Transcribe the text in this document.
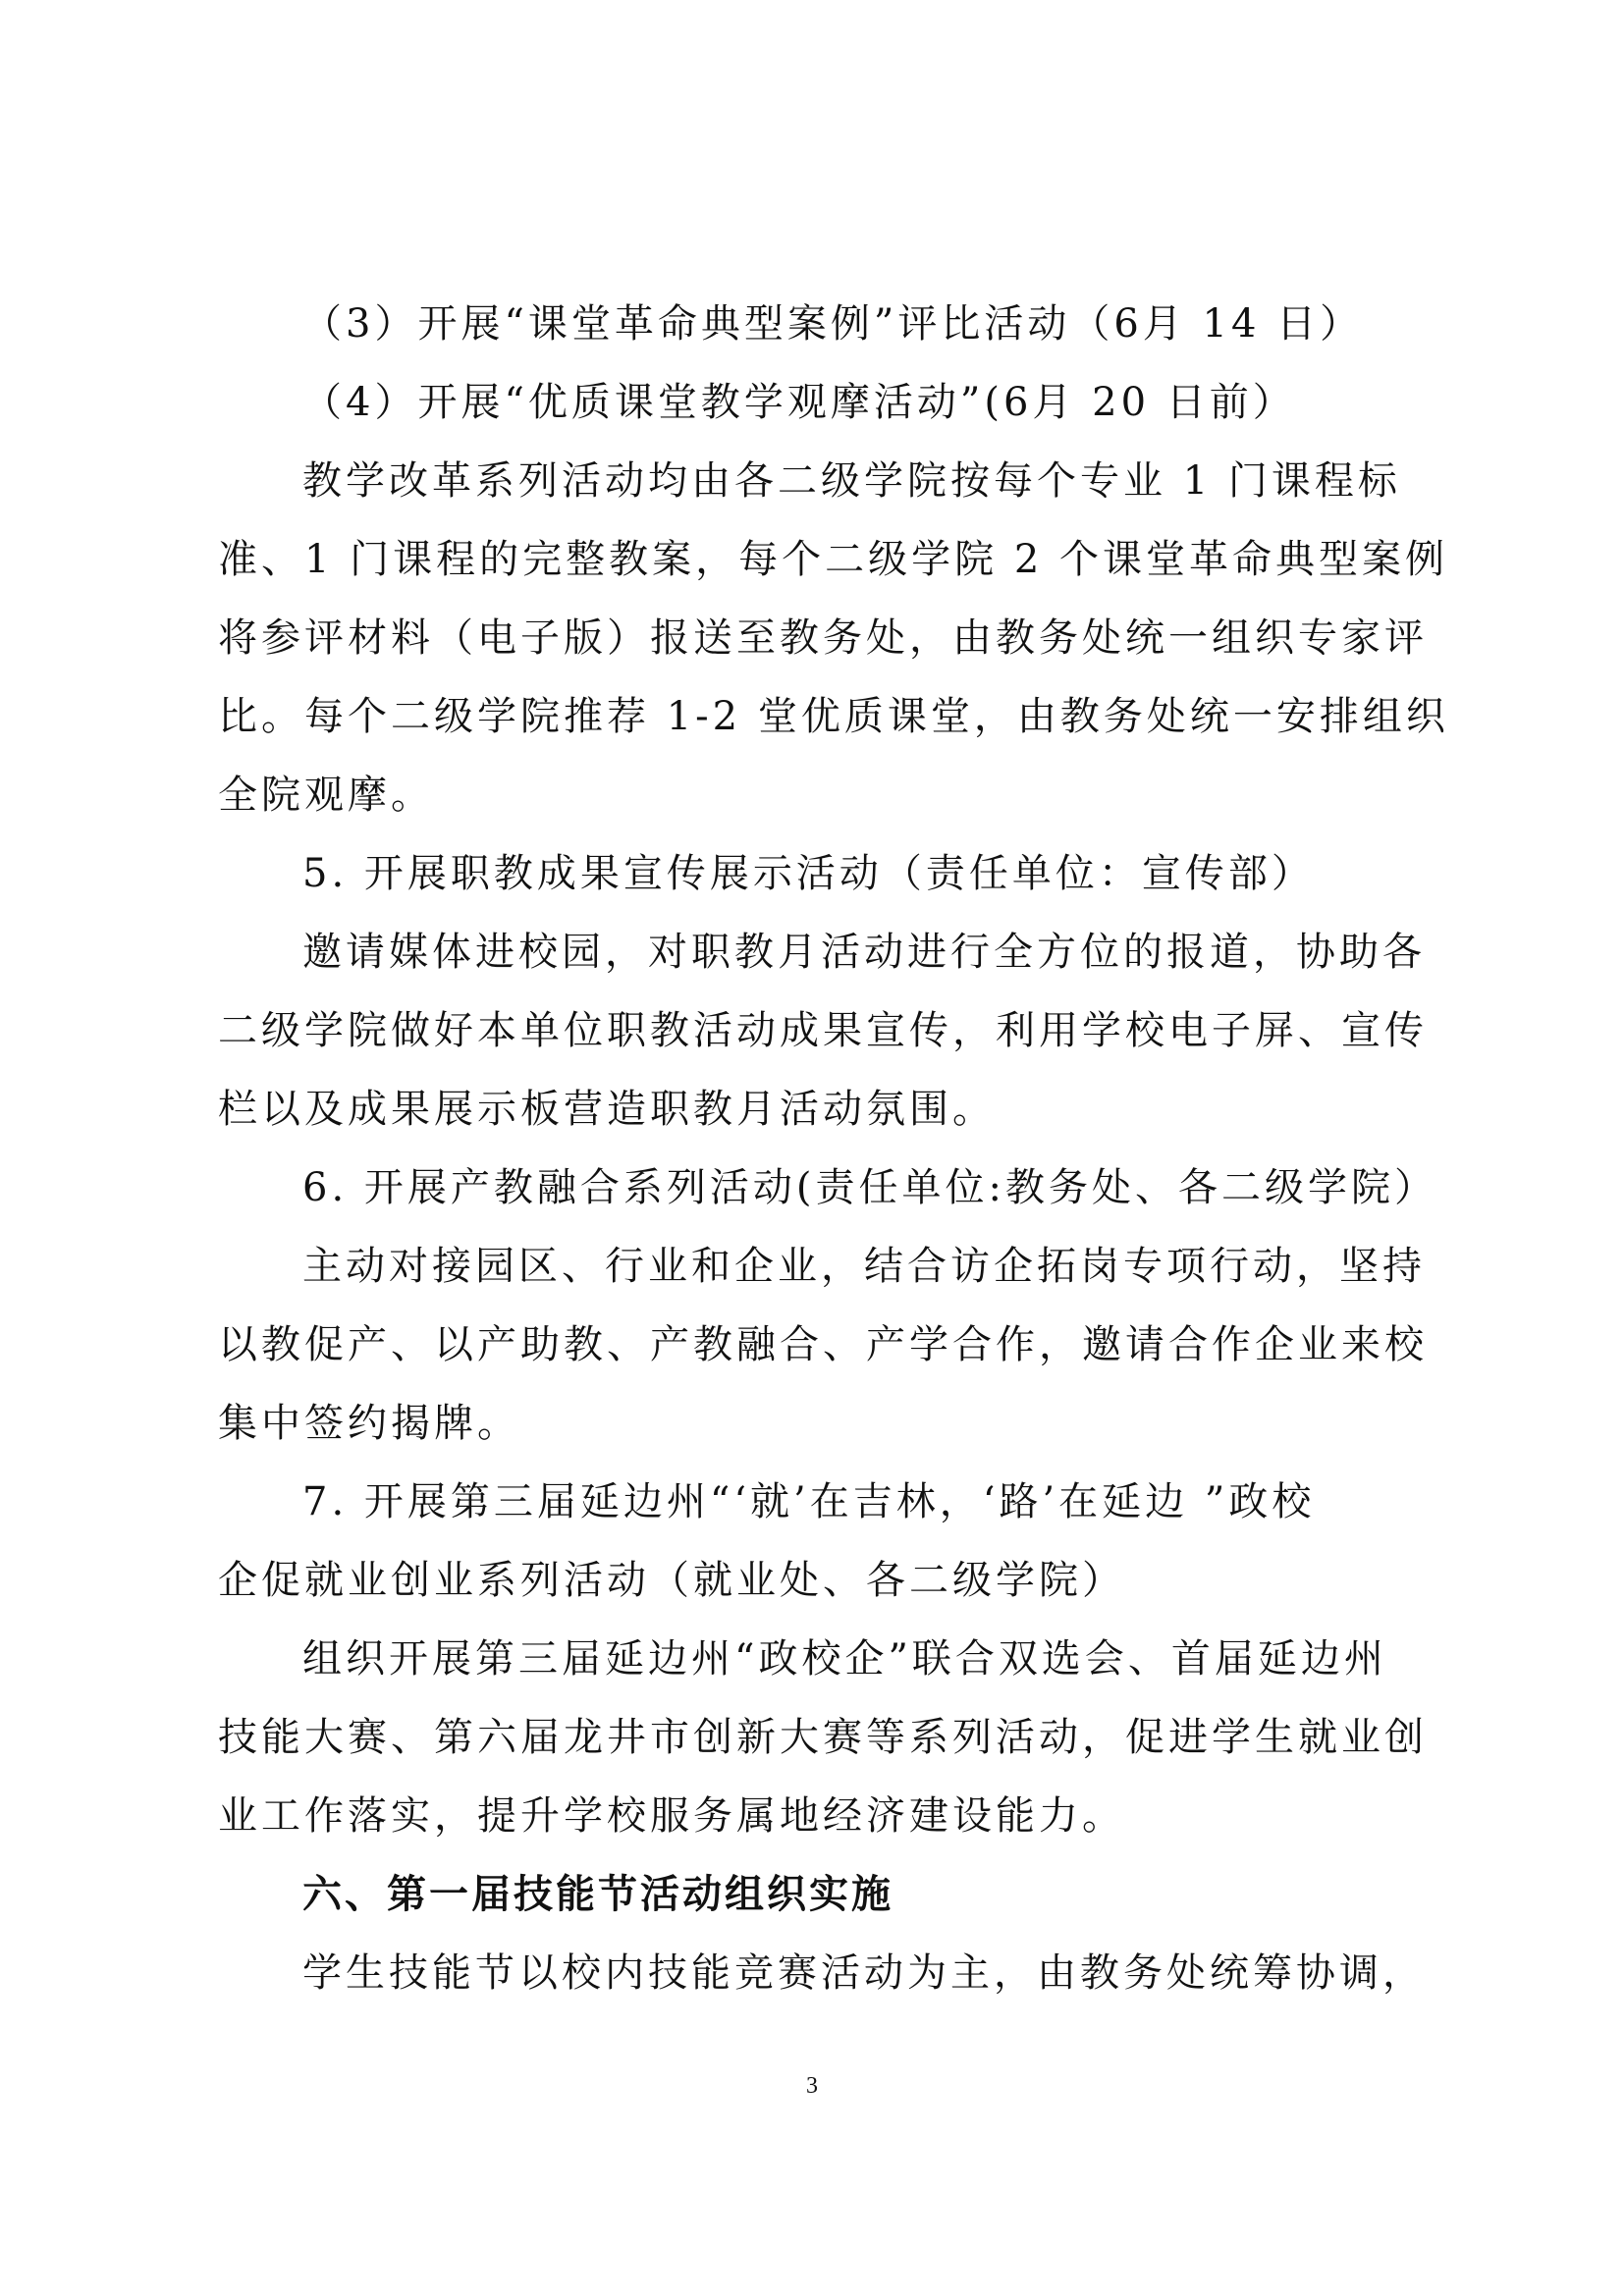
（3）开展“课堂革命典型案例”评比活动（6月 14 日）
（4）开展“优质课堂教学观摩活动”(6月 20 日前）
教学改革系列活动均由各二级学院按每个专业 1 门课程标
准、1 门课程的完整教案，每个二级学院 2 个课堂革命典型案例
将参评材料（电子版）报送至教务处，由教务处统一组织专家评
比。每个二级学院推荐 1-2 堂优质课堂，由教务处统一安排组织
全院观摩。
5. 开展职教成果宣传展示活动（责任单位：宣传部）
邀请媒体进校园，对职教月活动进行全方位的报道，协助各
二级学院做好本单位职教活动成果宣传，利用学校电子屏、宣传
栏以及成果展示板营造职教月活动氛围。
6. 开展产教融合系列活动(责任单位:教务处、各二级学院）
主动对接园区、行业和企业，结合访企拓岗专项行动，坚持
以教促产、以产助教、产教融合、产学合作，邀请合作企业来校
集中签约揭牌。
7. 开展第三届延边州“‘就’在吉林，‘路’在延边 ”政校
企促就业创业系列活动（就业处、各二级学院）
组织开展第三届延边州“政校企”联合双选会、首届延边州
技能大赛、第六届龙井市创新大赛等系列活动，促进学生就业创
业工作落实，提升学校服务属地经济建设能力。
六、第一届技能节活动组织实施
学生技能节以校内技能竞赛活动为主，由教务处统筹协调，
3
